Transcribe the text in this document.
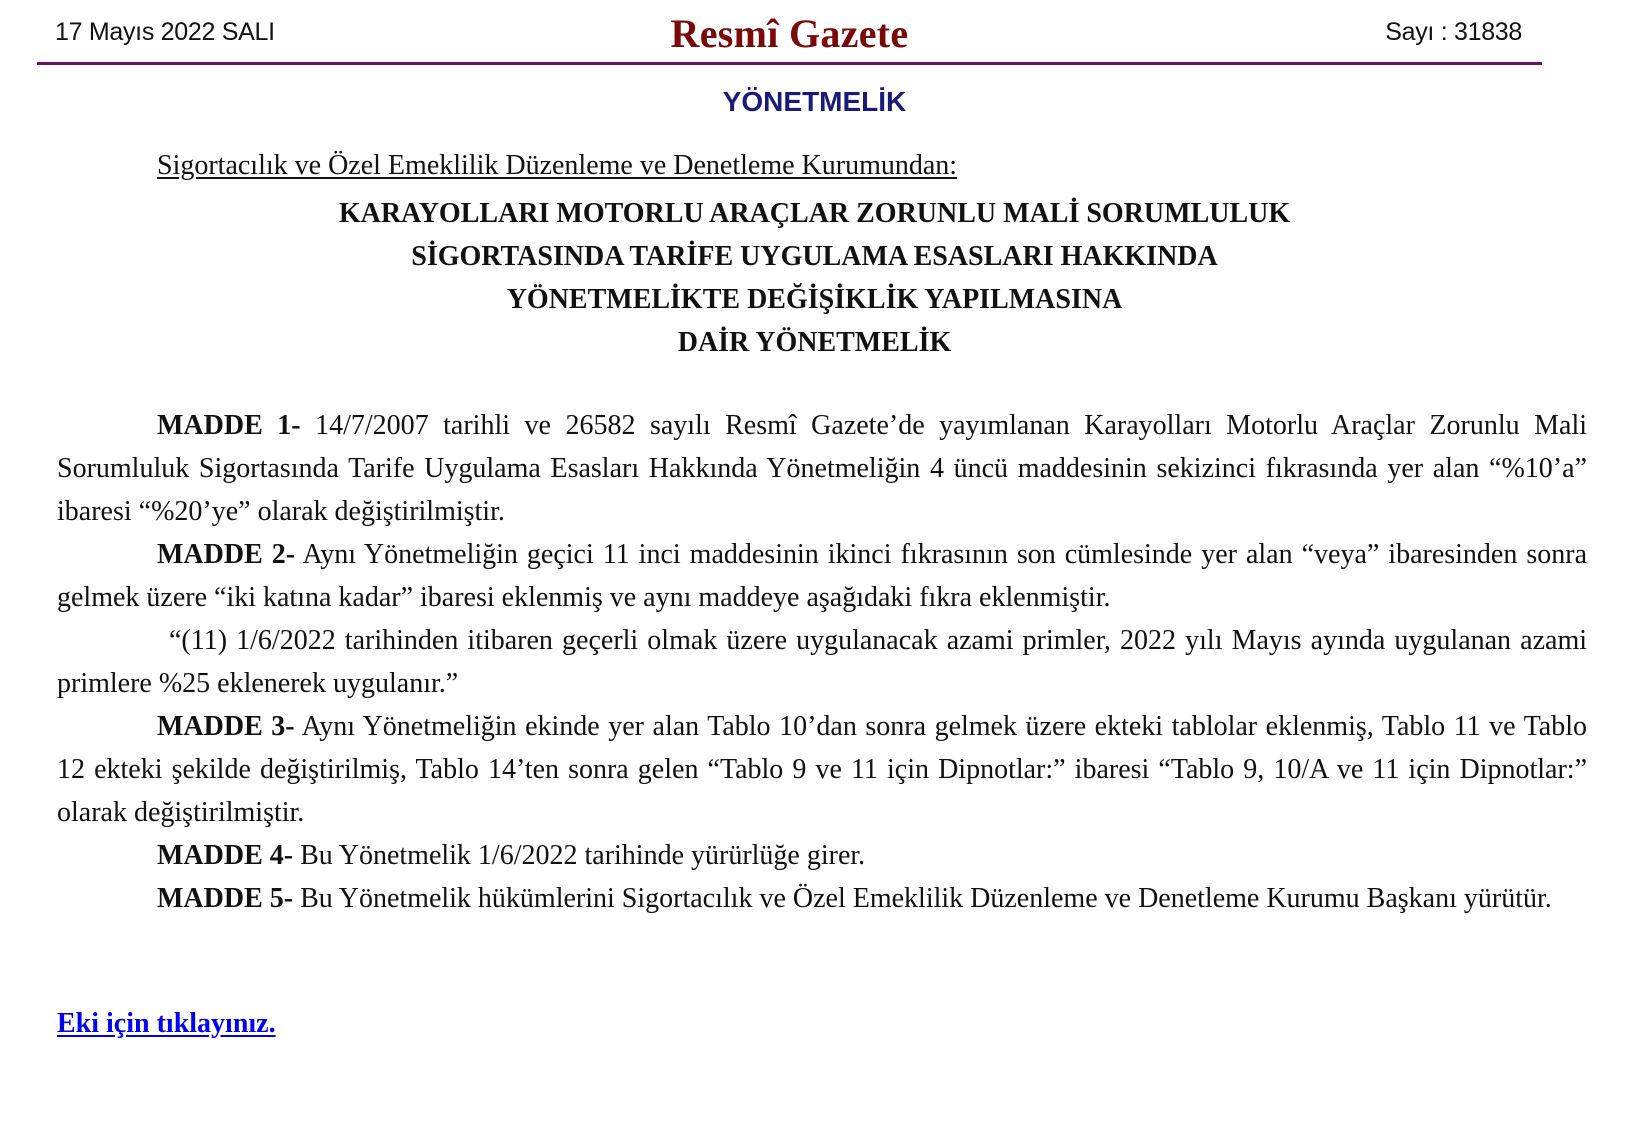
17 Mayıs 2022 SALI	Resmî Gazete	Sayı : 31838
YÖNETMELİK
Sigortacılık ve Özel Emeklilik Düzenleme ve Denetleme Kurumundan:
KARAYOLLARI MOTORLU ARAÇLAR ZORUNLU MALİ SORUMLULUK
SİGORTASINDA TARİFE UYGULAMA ESASLARI HAKKINDA
YÖNETMELİKTE DEĞİŞİKLİK YAPILMASINA
DAİR YÖNETMELİK

MADDE 1- 14/7/2007 tarihli ve 26582 sayılı Resmî Gazete’de yayımlanan Karayolları Motorlu Araçlar Zorunlu Mali Sorumluluk Sigortasında Tarife Uygulama Esasları Hakkında Yönetmeliğin 4 üncü maddesinin sekizinci fıkrasında yer alan “%10’a” ibaresi “%20’ye” olarak değiştirilmiştir.

MADDE 2- Aynı Yönetmeliğin geçici 11 inci maddesinin ikinci fıkrasının son cümlesinde yer alan “veya” ibaresinden sonra gelmek üzere “iki katına kadar” ibaresi eklenmiş ve aynı maddeye aşağıdaki fıkra eklenmiştir.

“(11) 1/6/2022 tarihinden itibaren geçerli olmak üzere uygulanacak azami primler, 2022 yılı Mayıs ayında uygulanan azami primlere %25 eklenerek uygulanır.”

MADDE 3- Aynı Yönetmeliğin ekinde yer alan Tablo 10’dan sonra gelmek üzere ekteki tablolar eklenmiş, Tablo 11 ve Tablo 12 ekteki şekilde değiştirilmiş, Tablo 14’ten sonra gelen “Tablo 9 ve 11 için Dipnotlar:” ibaresi “Tablo 9, 10/A ve 11 için Dipnotlar:” olarak değiştirilmiştir.

MADDE 4- Bu Yönetmelik 1/6/2022 tarihinde yürürlüğe girer.

MADDE 5- Bu Yönetmelik hükümlerini Sigortacılık ve Özel Emeklilik Düzenleme ve Denetleme Kurumu Başkanı yürütür.

Eki için tıklayınız.
